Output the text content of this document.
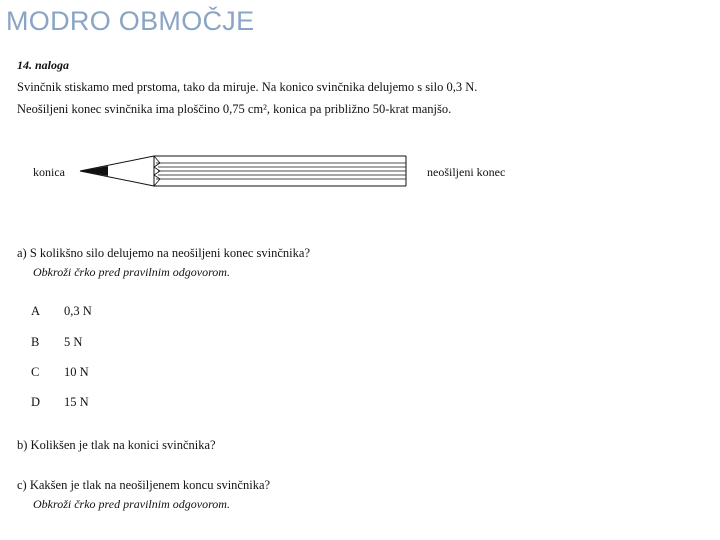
MODRO OBMOČJE
14. naloga
Svinčnik stiskamo med prstoma, tako da miruje. Na konico svinčnika delujemo s silo 0,3 N.
Neošiljeni konec svinčnika ima ploščino 0,75 cm², konica pa približno 50-krat manjšo.
konica	neošiljeni konec
a) S kolikšno silo delujemo na neošiljeni konec svinčnika?
Obkroži črko pred pravilnim odgovorom.
A 0,3 N
B 5 N
C 10 N
D 15 N
b) Kolikšen je tlak na konici svinčnika?
c) Kakšen je tlak na neošiljenem koncu svinčnika?
Obkroži črko pred pravilnim odgovorom.
